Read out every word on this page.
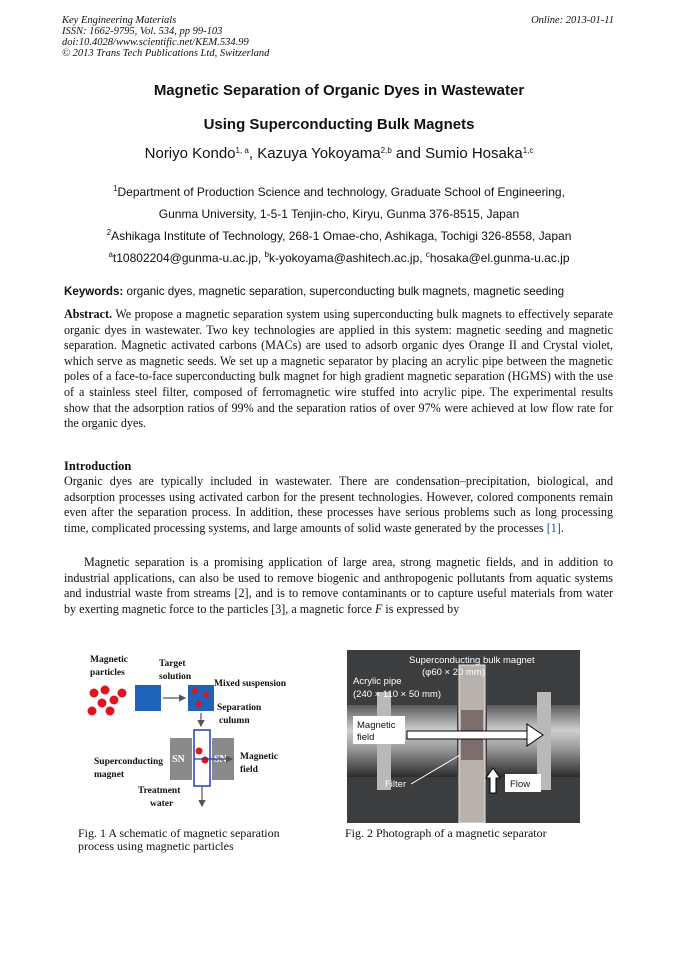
Key Engineering Materials
ISSN: 1662-9795, Vol. 534, pp 99-103
doi:10.4028/www.scientific.net/KEM.534.99
© 2013 Trans Tech Publications Ltd, Switzerland
Online: 2013-01-11
Magnetic Separation of Organic Dyes in Wastewater
Using Superconducting Bulk Magnets
Noriyo Kondo$^{1, a}$, Kazuya Yokoyama$^{2,b}$ and Sumio Hosaka$^{1,c}$
$^1$Department of Production Science and technology, Graduate School of Engineering,
Gunma University, 1-5-1 Tenjin-cho, Kiryu, Gunma 376-8515, Japan
$^2$Ashikaga Institute of Technology, 268-1 Omae-cho, Ashikaga, Tochigi 326-8558, Japan
$^a$t10802204@gunma-u.ac.jp, $^b$k-yokoyama@ashitech.ac.jp, $^c$hosaka@el.gunma-u.ac.jp
Keywords: organic dyes, magnetic separation, superconducting bulk magnets, magnetic seeding
Abstract. We propose a magnetic separation system using superconducting bulk magnets to effectively separate organic dyes in wastewater. Two key technologies are applied in this system: magnetic seeding and magnetic separation. Magnetic activated carbons (MACs) are used to adsorb organic dyes Orange II and Crystal violet, which serve as magnetic seeds. We set up a magnetic separator by placing an acrylic pipe between the magnetic poles of a face-to-face superconducting bulk magnet for high gradient magnetic separation (HGMS) with the use of a stainless steel filter, composed of ferromagnetic wire stuffed into acrylic pipe. The experimental results show that the adsorption ratios of 99% and the separation ratios of over 97% were achieved at low flow rate for the organic dyes.
Introduction
Organic dyes are typically included in wastewater. There are condensation–precipitation, biological, and adsorption processes using activated carbon for the present technologies. However, colored components remain even after the separation process. In addition, these processes have serious problems such as long processing time, complicated processing systems, and large amounts of solid waste generated by the processes [1].
Magnetic separation is a promising application of large area, strong magnetic fields, and in addition to industrial applications, can also be used to remove biogenic and anthropogenic pollutants from aquatic systems and industrial waste from streams [2], and is to remove contaminants or to capture useful materials from water by exerting magnetic force to the particles [3], a magnetic force F is expressed by
Magnetic
particles
Target
solution
Mixed suspension
Separation
culumn
Superconducting
magnet
Magnetic
field
Treatment
water
SN	SN
Superconducting bulk magnet
(φ60 × 20 mm)
Acrylic pipe
(240 × 110 × 50 mm)
Magnetic
field
Filter	Flow
Fig. 1 A schematic of magnetic separation
process using magnetic particles
Fig. 2 Photograph of a magnetic separator
